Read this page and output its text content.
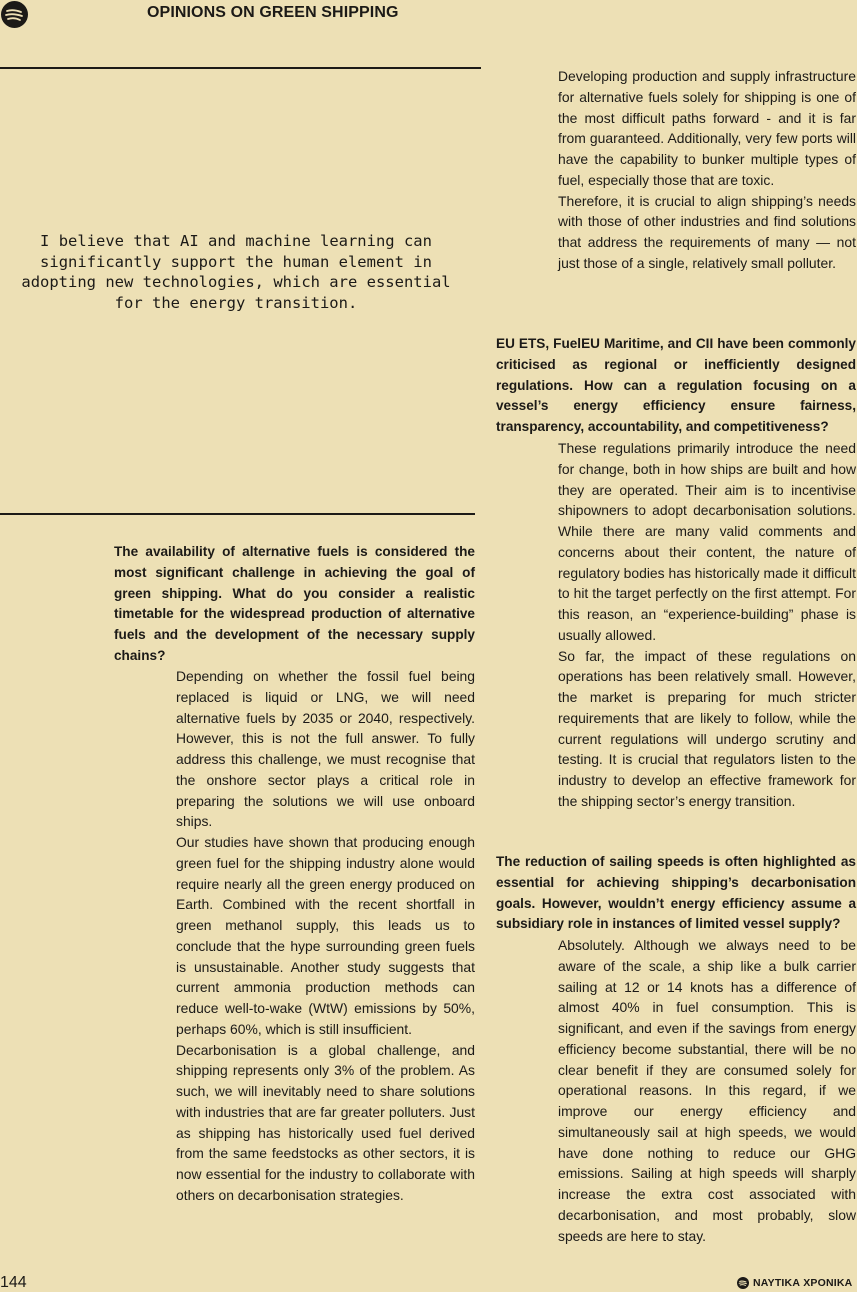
OPINIONS ON GREEN SHIPPING
I believe that AI and machine learning can significantly support the human element in adopting new technologies, which are essential for the energy transition.

The availability of alternative fuels is considered the most significant challenge in achieving the goal of green shipping. What do you consider a realistic timetable for the widespread production of alternative fuels and the development of the necessary supply chains?

Depending on whether the fossil fuel being replaced is liquid or LNG, we will need alternative fuels by 2035 or 2040, respectively. However, this is not the full answer. To fully address this challenge, we must recognise that the onshore sector plays a critical role in preparing the solutions we will use onboard ships.

Our studies have shown that producing enough green fuel for the shipping industry alone would require nearly all the green energy produced on Earth. Combined with the recent shortfall in green methanol supply, this leads us to conclude that the hype surrounding green fuels is unsustainable. Another study suggests that current ammonia production methods can reduce well-to-wake (WtW) emissions by 50%, perhaps 60%, which is still insufficient.

Decarbonisation is a global challenge, and shipping represents only 3% of the problem. As such, we will inevitably need to share solutions with industries that are far greater polluters. Just as shipping has historically used fuel derived from the same feedstocks as other sectors, it is now essential for the industry to collaborate with others on decarbonisation strategies.

Developing production and supply infrastructure for alternative fuels solely for shipping is one of the most difficult paths forward - and it is far from guaranteed. Additionally, very few ports will have the capability to bunker multiple types of fuel, especially those that are toxic.

Therefore, it is crucial to align shipping’s needs with those of other industries and find solutions that address the requirements of many — not just those of a single, relatively small polluter.

EU ETS, FuelEU Maritime, and CII have been commonly criticised as regional or inefficiently designed regulations. How can a regulation focusing on a vessel’s energy efficiency ensure fairness, transparency, accountability, and competitiveness?

These regulations primarily introduce the need for change, both in how ships are built and how they are operated. Their aim is to incentivise shipowners to adopt decarbonisation solutions. While there are many valid comments and concerns about their content, the nature of regulatory bodies has historically made it difficult to hit the target perfectly on the first attempt. For this reason, an “experience-building” phase is usually allowed.

So far, the impact of these regulations on operations has been relatively small. However, the market is preparing for much stricter requirements that are likely to follow, while the current regulations will undergo scrutiny and testing. It is crucial that regulators listen to the industry to develop an effective framework for the shipping sector’s energy transition.

The reduction of sailing speeds is often highlighted as essential for achieving shipping’s decarbonisation goals. However, wouldn’t energy efficiency assume a subsidiary role in instances of limited vessel supply?

Absolutely. Although we always need to be aware of the scale, a ship like a bulk carrier sailing at 12 or 14 knots has a difference of almost 40% in fuel consumption. This is significant, and even if the savings from energy efficiency become substantial, there will be no clear benefit if they are consumed solely for operational reasons. In this regard, if we improve our energy efficiency and simultaneously sail at high speeds, we would have done nothing to reduce our GHG emissions. Sailing at high speeds will sharply increase the extra cost associated with decarbonisation, and most probably, slow speeds are here to stay.

144	ΝΑΥΤΙΚΑ ΧΡΟΝΙΚΑ
